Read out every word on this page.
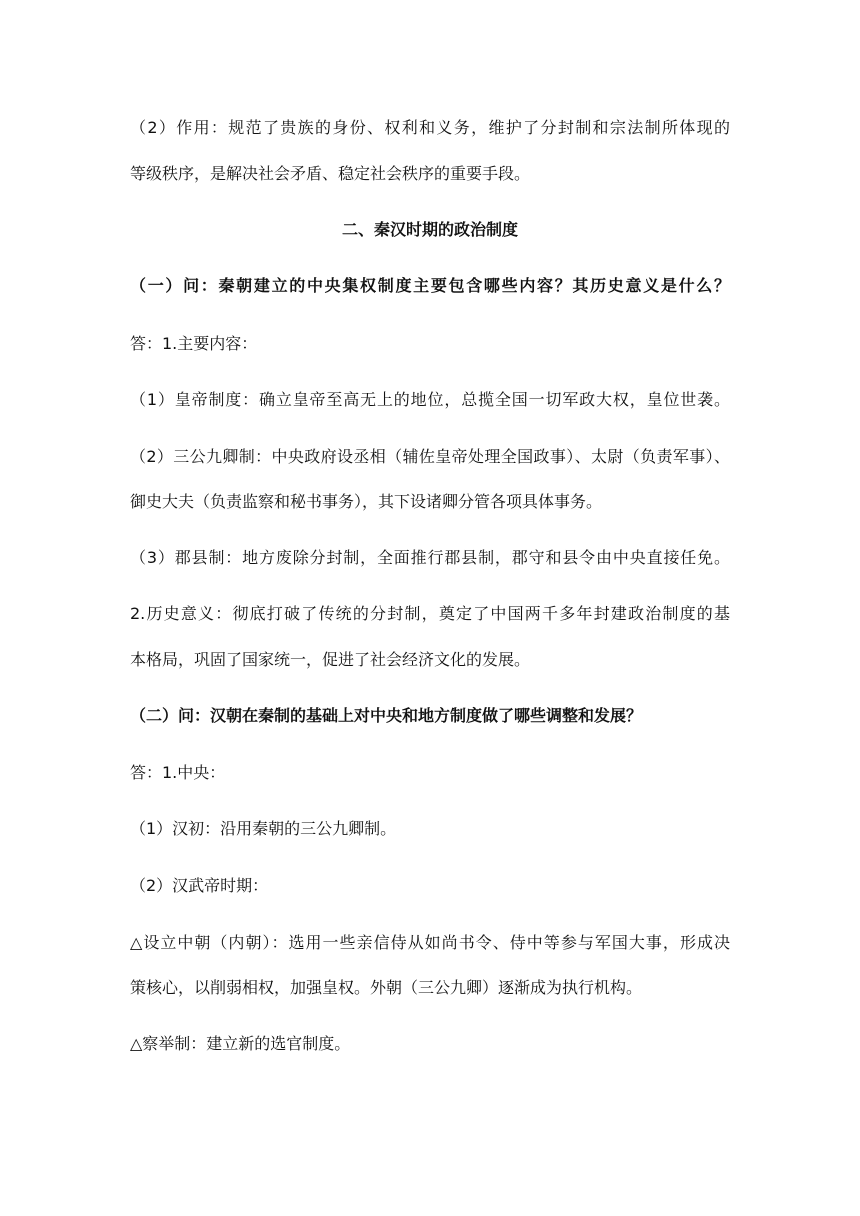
（2）作用：规范了贵族的身份、权利和义务，维护了分封制和宗法制所体现的
等级秩序，是解决社会矛盾、稳定社会秩序的重要手段。
二、秦汉时期的政治制度
（一）问：秦朝建立的中央集权制度主要包含哪些内容？其历史意义是什么？
答：1.主要内容：
（1）皇帝制度：确立皇帝至高无上的地位，总揽全国一切军政大权，皇位世袭。
（2）三公九卿制：中央政府设丞相（辅佐皇帝处理全国政事）、太尉（负责军事）、
御史大夫（负责监察和秘书事务），其下设诸卿分管各项具体事务。
（3）郡县制：地方废除分封制，全面推行郡县制，郡守和县令由中央直接任免。
2.历史意义：彻底打破了传统的分封制，奠定了中国两千多年封建政治制度的基
本格局，巩固了国家统一，促进了社会经济文化的发展。
（二）问：汉朝在秦制的基础上对中央和地方制度做了哪些调整和发展？
答：1.中央：
（1）汉初：沿用秦朝的三公九卿制。
（2）汉武帝时期：
△设立中朝（内朝）：选用一些亲信侍从如尚书令、侍中等参与军国大事，形成决
策核心，以削弱相权，加强皇权。外朝（三公九卿）逐渐成为执行机构。
△察举制：建立新的选官制度。
